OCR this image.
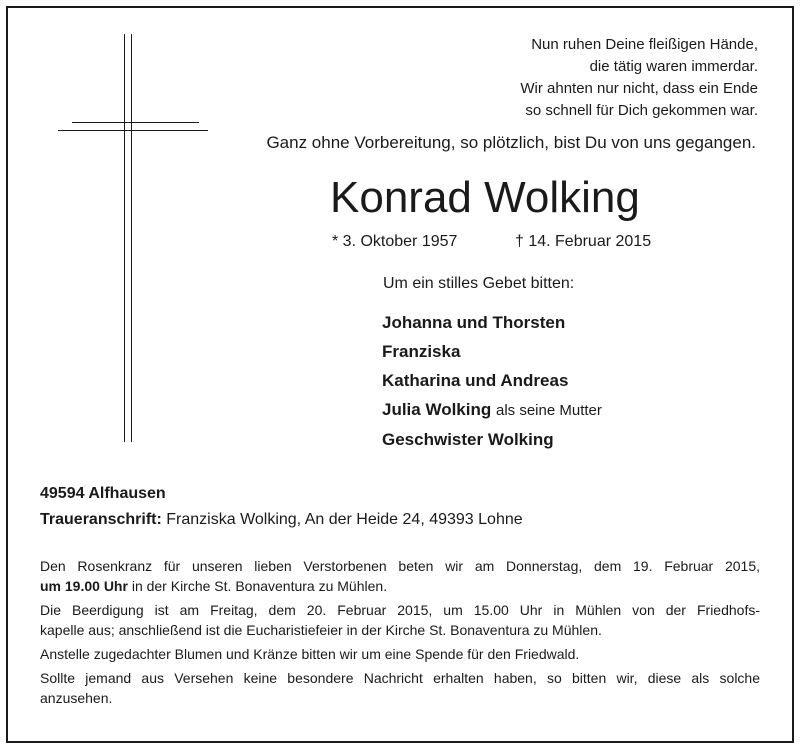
Nun ruhen Deine fleißigen Hände,
die tätig waren immerdar.
Wir ahnten nur nicht, dass ein Ende
so schnell für Dich gekommen war.
Ganz ohne Vorbereitung, so plötzlich, bist Du von uns gegangen.
Konrad Wolking
* 3. Oktober 1957	† 14. Februar 2015
Um ein stilles Gebet bitten:
Johanna und Thorsten
Franziska
Katharina und Andreas
Julia Wolking als seine Mutter
Geschwister Wolking
49594 Alfhausen
Traueranschrift: Franziska Wolking, An der Heide 24, 49393 Lohne

Den Rosenkranz für unseren lieben Verstorbenen beten wir am Donnerstag, dem 19. Februar 2015,
um 19.00 Uhr in der Kirche St. Bonaventura zu Mühlen.

Die Beerdigung ist am Freitag, dem 20. Februar 2015, um 15.00 Uhr in Mühlen von der Friedhofs-
kapelle aus; anschließend ist die Eucharistiefeier in der Kirche St. Bonaventura zu Mühlen.

Anstelle zugedachter Blumen und Kränze bitten wir um eine Spende für den Friedwald.

Sollte jemand aus Versehen keine besondere Nachricht erhalten haben, so bitten wir, diese als solche
anzusehen.
